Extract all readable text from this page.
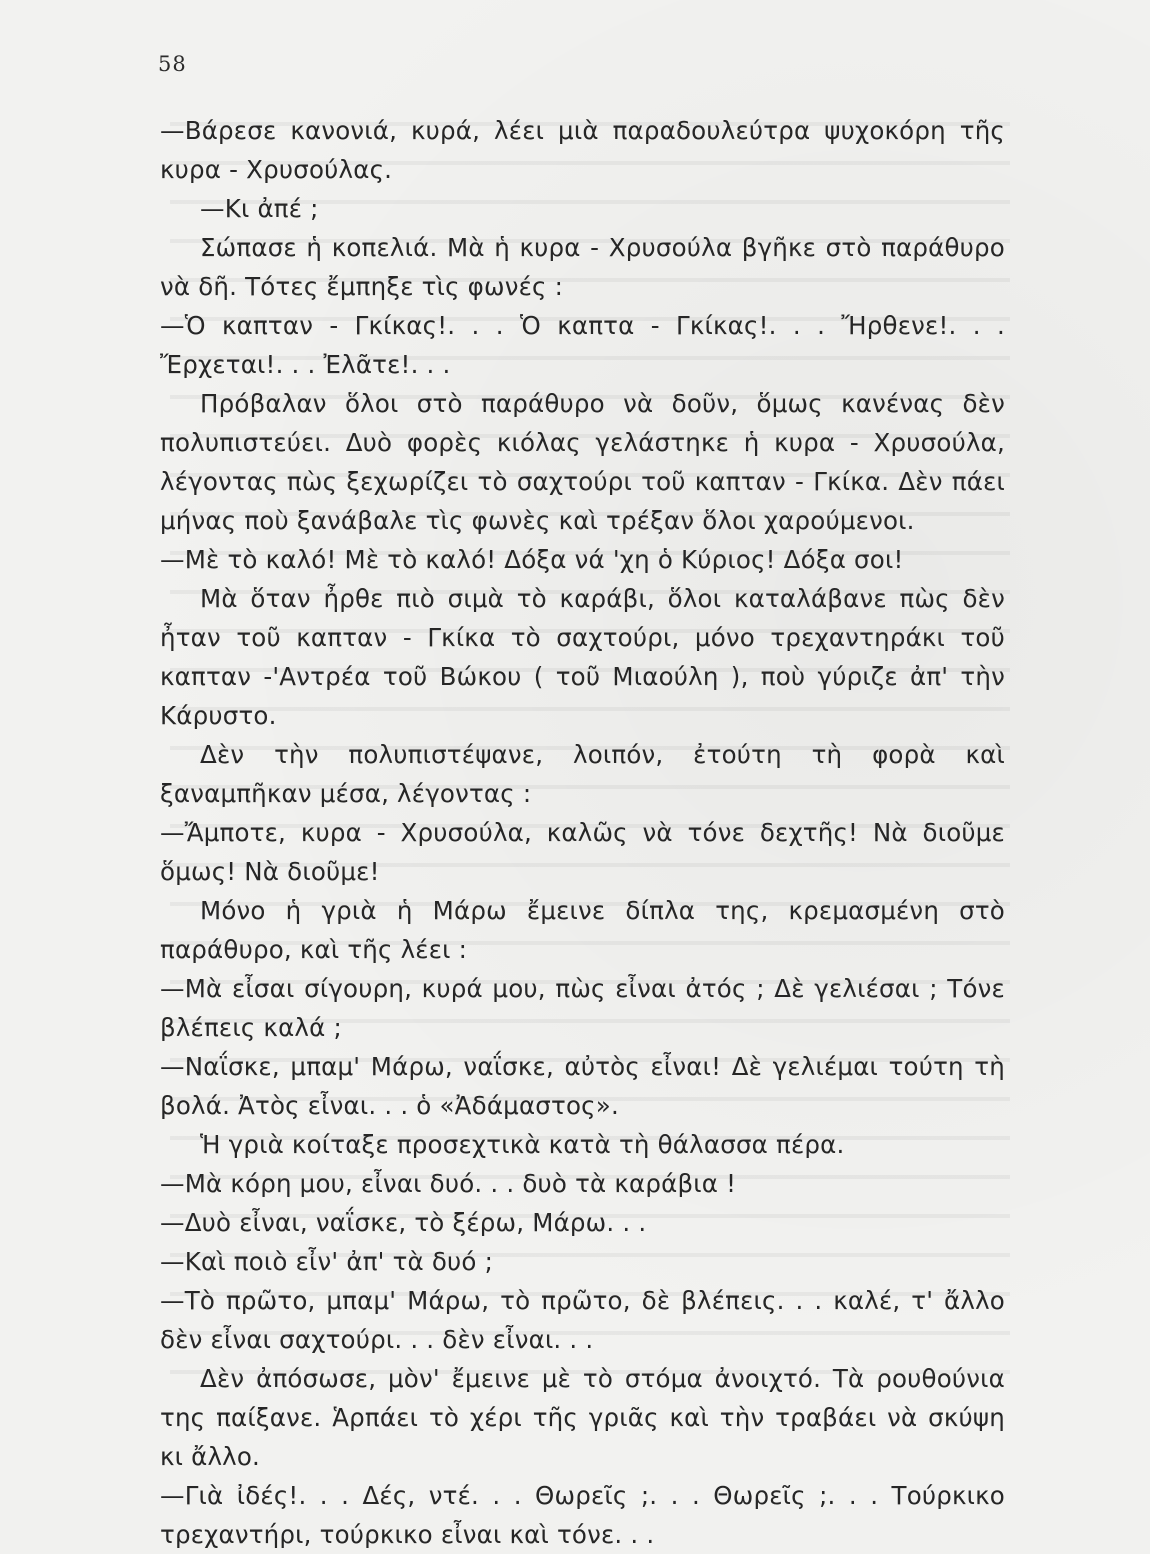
58

—Βάρεσε κανονιά, κυρά, λέει μιὰ παραδουλεύτρα ψυχοκόρη τῆς κυρα - Χρυσούλας.

—Κι ἀπέ ;

Σώπασε ἡ κοπελιά. Μὰ ἡ κυρα - Χρυσούλα βγῆκε στὸ παράθυρο νὰ δῆ. Τότες ἔμπηξε τὶς φωνές :

—Ὁ καπταν - Γκίκας!. . . Ὁ καπτα - Γκίκας!. . . Ἤρθενε!. . . Ἔρχεται!. . . Ἐλᾶτε!. . .

Πρόβαλαν ὅλοι στὸ παράθυρο νὰ δοῦν, ὅμως κανένας δὲν πολυπιστεύει. Δυὸ φορὲς κιόλας γελάστηκε ἡ κυρα - Χρυσούλα, λέγοντας πὼς ξεχωρίζει τὸ σαχτούρι τοῦ καπταν - Γκίκα. Δὲν πάει μήνας ποὺ ξανάβαλε τὶς φωνὲς καὶ τρέξαν ὅλοι χαρούμενοι.

—Μὲ τὸ καλό! Μὲ τὸ καλό! Δόξα νά 'χη ὁ Κύριος! Δόξα σοι!

Μὰ ὅταν ἦρθε πιὸ σιμὰ τὸ καράβι, ὅλοι καταλάβανε πὼς δὲν ἦταν τοῦ καπταν - Γκίκα τὸ σαχτούρι, μόνο τρεχαντηράκι τοῦ καπταν -'Αντρέα τοῦ Βώκου ( τοῦ Μιαούλη ), ποὺ γύριζε ἀπ' τὴν Κάρυστο.

Δὲν τὴν πολυπιστέψανε, λοιπόν, ἐτούτη τὴ φορὰ καὶ ξαναμπῆκαν μέσα, λέγοντας :

—Ἄμποτε, κυρα - Χρυσούλα, καλῶς νὰ τόνε δεχτῆς! Νὰ διοῦμε ὅμως! Νὰ διοῦμε!

Μόνο ἡ γριὰ ἡ Μάρω ἔμεινε δίπλα της, κρεμασμένη στὸ παράθυρο, καὶ τῆς λέει :

—Μὰ εἶσαι σίγουρη, κυρά μου, πὼς εἶναι ἀτός ; Δὲ γελιέσαι ; Τόνε βλέπεις καλά ;

—Ναΐσκε, μπαμ' Μάρω, ναΐσκε, αὐτὸς εἶναι! Δὲ γελιέμαι τούτη τὴ βολά. Ἀτὸς εἶναι. . . ὁ «Ἀδάμαστος».

Ἡ γριὰ κοίταξε προσεχτικὰ κατὰ τὴ θάλασσα πέρα.

—Μὰ κόρη μου, εἶναι δυό. . . δυὸ τὰ καράβια !

—Δυὸ εἶναι, ναΐσκε, τὸ ξέρω, Μάρω. . .

—Καὶ ποιὸ εἶν' ἀπ' τὰ δυό ;

—Τὸ πρῶτο, μπαμ' Μάρω, τὸ πρῶτο, δὲ βλέπεις. . . καλέ, τ' ἄλλο δὲν εἶναι σαχτούρι. . . δὲν εἶναι. . .

Δὲν ἀπόσωσε, μὸν' ἔμεινε μὲ τὸ στόμα ἀνοιχτό. Τὰ ρουθούνια της παίξανε. Ἁρπάει τὸ χέρι τῆς γριᾶς καὶ τὴν τραβάει νὰ σκύψη κι ἄλλο.

—Γιὰ ἰδές!. . . Δές, ντέ. . . Θωρεῖς ;. . . Θωρεῖς ;. . . Τούρκικο τρεχαντήρι, τούρκικο εἶναι καὶ τόνε. . .
